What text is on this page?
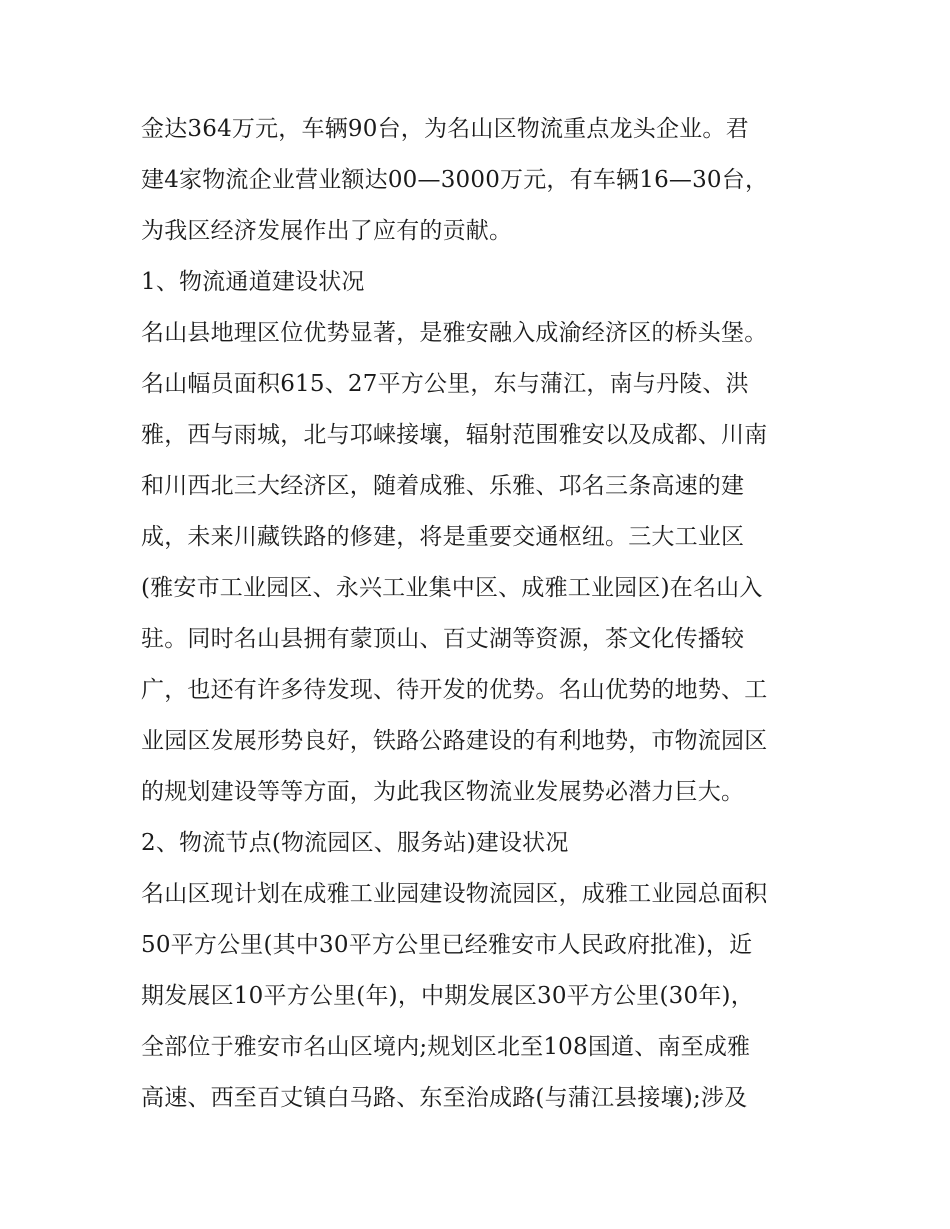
金达364万元，车辆90台，为名山区物流重点龙头企业。君
建4家物流企业营业额达00—3000万元，有车辆16—30台，
为我区经济发展作出了应有的贡献。
1、物流通道建设状况
名山县地理区位优势显著，是雅安融入成渝经济区的桥头堡。
名山幅员面积615、27平方公里，东与蒲江，南与丹陵、洪
雅，西与雨城，北与邛崃接壤，辐射范围雅安以及成都、川南
和川西北三大经济区，随着成雅、乐雅、邛名三条高速的建
成，未来川藏铁路的修建，将是重要交通枢纽。三大工业区
(雅安市工业园区、永兴工业集中区、成雅工业园区)在名山入
驻。同时名山县拥有蒙顶山、百丈湖等资源，茶文化传播较
广，也还有许多待发现、待开发的优势。名山优势的地势、工
业园区发展形势良好，铁路公路建设的有利地势，市物流园区
的规划建设等等方面，为此我区物流业发展势必潜力巨大。
2、物流节点(物流园区、服务站)建设状况
名山区现计划在成雅工业园建设物流园区，成雅工业园总面积
50平方公里(其中30平方公里已经雅安市人民政府批准)，近
期发展区10平方公里(年)，中期发展区30平方公里(30年)，
全部位于雅安市名山区境内;规划区北至108国道、南至成雅
高速、西至百丈镇白马路、东至治成路(与蒲江县接壤);涉及
